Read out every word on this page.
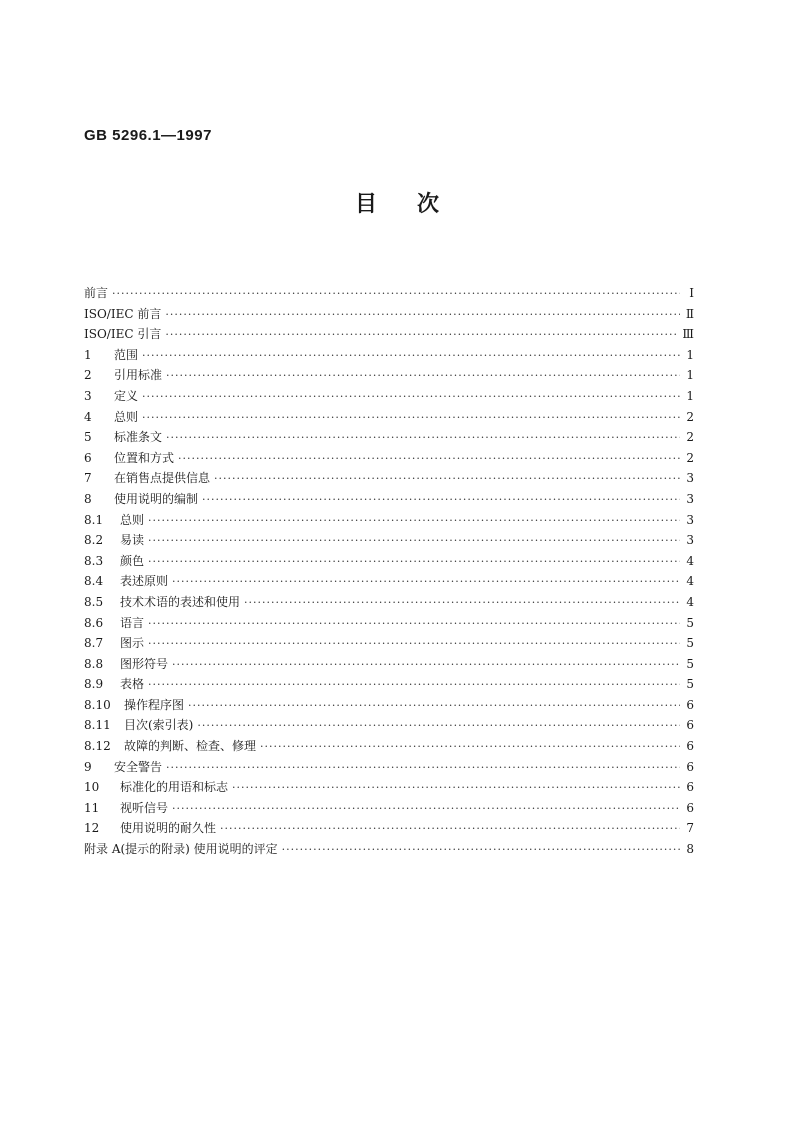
GB 5296.1—1997
目次
前言 ·····	Ⅰ
ISO/IEC 前言 ·····	Ⅱ
ISO/IEC 引言 ·····	Ⅲ
1	范围 ·····	1
2	引用标准 ·····	1
3	定义 ·····	1
4	总则 ·····	2
5	标准条文 ·····	2
6	位置和方式 ·····	2
7	在销售点提供信息 ·····	3
8	使用说明的编制 ·····	3
8.1	总则 ·····	3
8.2	易读 ·····	3
8.3	颜色 ·····	4
8.4	表述原则 ·····	4
8.5	技术术语的表述和使用 ·····	4
8.6	语言 ·····	5
8.7	图示 ·····	5
8.8	图形符号 ·····	5
8.9	表格 ·····	5
8.10	操作程序图 ·····	6
8.11	目次(索引表) ·····	6
8.12	故障的判断、检查、修理 ·····	6
9	安全警告 ·····	6
10	标准化的用语和标志 ·····	6
11	视听信号 ·····	6
12	使用说明的耐久性 ·····	7
附录 A(提示的附录) 使用说明的评定 ·····	8
